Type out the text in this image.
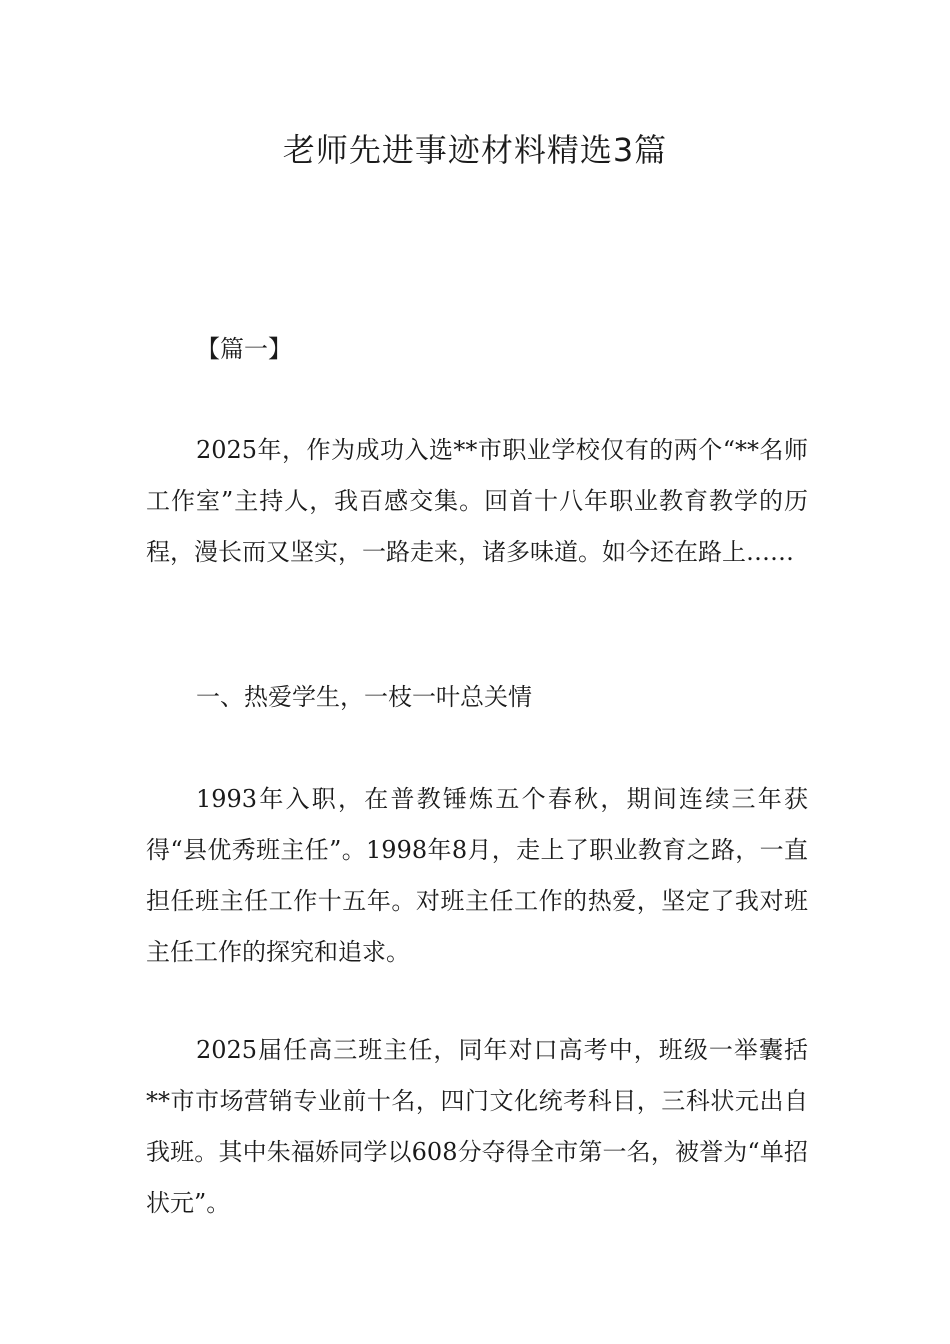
老师先进事迹材料精选3篇

【篇一】

2025年，作为成功入选**市职业学校仅有的两个“**名师工作室”主持人，我百感交集。回首十八年职业教育教学的历程，漫长而又坚实，一路走来，诸多味道。如今还在路上……

一、热爱学生，一枝一叶总关情

1993年入职，在普教锤炼五个春秋，期间连续三年获得“县优秀班主任”。1998年8月，走上了职业教育之路，一直担任班主任工作十五年。对班主任工作的热爱，坚定了我对班主任工作的探究和追求。

2025届任高三班主任，同年对口高考中，班级一举囊括**市市场营销专业前十名，四门文化统考科目，三科状元出自我班。其中朱福娇同学以608分夺得全市第一名，被誉为“单招状元”。
